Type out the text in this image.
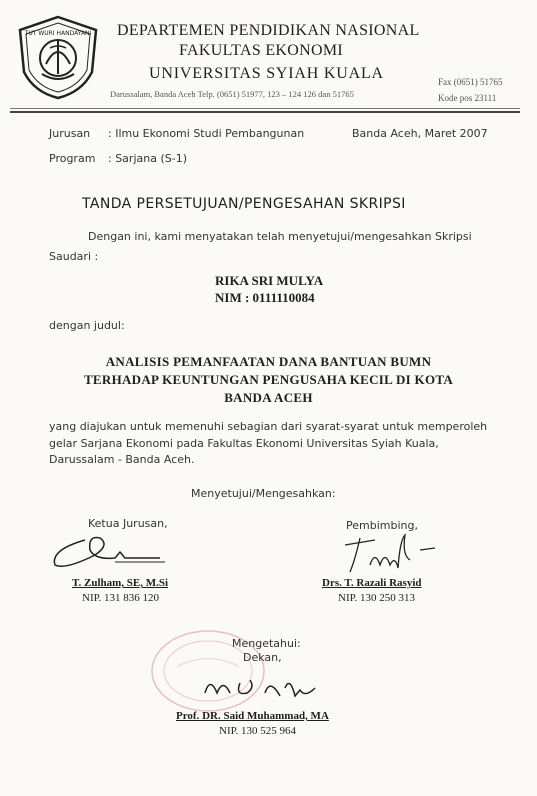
TUT WURI HANDAYANI DEPARTEMEN PENDIDIKAN NASIONAL
FAKULTAS EKONOMI
UNIVERSITAS SYIAH KUALA
Darussalam, Banda Aceh Telp. (0651) 51977, 123 – 124 126 dan 51765
Fax (0651) 51765
Kode pos 23111
Jurusan : Ilmu Ekonomi Studi Pembangunan	Banda Aceh, Maret 2007
Program : Sarjana (S-1)
TANDA PERSETUJUAN/PENGESAHAN SKRIPSI
Dengan ini, kami menyatakan telah menyetujui/mengesahkan Skripsi
Saudari :
RIKA SRI MULYA
NIM : 0111110084
dengan judul:
ANALISIS PEMANFAATAN DANA BANTUAN BUMN
TERHADAP KEUNTUNGAN PENGUSAHA KECIL DI KOTA
BANDA ACEH
yang diajukan untuk memenuhi sebagian dari syarat-syarat untuk memperoleh
gelar Sarjana Ekonomi pada Fakultas Ekonomi Universitas Syiah Kuala,
Darussalam - Banda Aceh.
Menyetujui/Mengesahkan:
Ketua Jurusan,
T. Zulham, SE, M.Si
NIP. 131 836 120
Pembimbing,
Drs. T. Razali Rasyid
NIP. 130 250 313
Mengetahui:
Dekan,
Prof. DR. Said Muhammad, MA
NIP. 130 525 964
